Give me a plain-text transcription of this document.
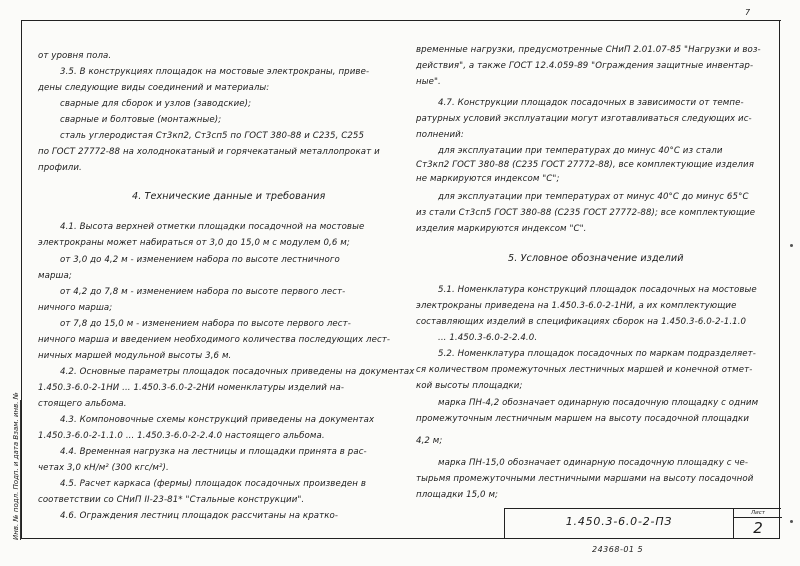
7
Инв. № подл. Подп. и дата Взам. инв. №
от уровня пола.
3.5. В конструкциях площадок на мостовые электрокраны, приве-
дены следующие виды соединений и материалы:
сварные для сборок и узлов (заводские);
сварные и болтовые (монтажные);
сталь углеродистая Ст3кп2, Ст3сп5 по ГОСТ 380-88 и С235, С255
по ГОСТ 27772-88 на холоднокатаный и горячекатаный металлопрокат и
профили.
4. Технические данные и требования
4.1. Высота верхней отметки площадки посадочной на мостовые
электрокраны может набираться от 3,0 до 15,0 м с модулем 0,6 м;
от 3,0 до 4,2 м - изменением набора по высоте лестничного
марша;
от 4,2 до 7,8 м - изменением набора по высоте первого лест-
ничного марша;
от 7,8 до 15,0 м - изменением набора по высоте первого лест-
ничного марша и введением необходимого количества последующих лест-
ничных маршей модульной высоты 3,6 м.
4.2. Основные параметры площадок посадочных приведены на документах
1.450.3-6.0-2-1НИ ... 1.450.3-6.0-2-2НИ номенклатуры изделий на-
стоящего альбома.
4.3. Компоновочные схемы конструкций приведены на документах
1.450.3-6.0-2-1.1.0 ... 1.450.3-6.0-2-2.4.0 настоящего альбома.
4.4. Временная нагрузка на лестницы и площадки принята в рас-
четах 3,0 кН/м² (300 кгс/м²).
4.5. Расчет каркаса (фермы) площадок посадочных произведен в
соответствии со СНиП II-23-81* "Стальные конструкции".
4.6. Ограждения лестниц площадок рассчитаны на кратко-
временные нагрузки, предусмотренные СНиП 2.01.07-85 "Нагрузки и воз-
действия", а также ГОСТ 12.4.059-89 "Ограждения защитные инвентар-
ные".
4.7. Конструкции площадок посадочных в зависимости от темпе-
ратурных условий эксплуатации могут изготавливаться следующих ис-
полнений:
для эксплуатации при температурах до минус 40°С из стали
Ст3кп2 ГОСТ 380-88 (С235 ГОСТ 27772-88), все комплектующие изделия
не маркируются индексом "С";
для эксплуатации при температурах от минус 40°С до минус 65°С
из стали Ст3сп5 ГОСТ 380-88 (С235 ГОСТ 27772-88); все комплектующие
изделия маркируются индексом "С".
5. Условное обозначение изделий
5.1. Номенклатура конструкций площадок посадочных на мостовые
электрокраны приведена на 1.450.3-6.0-2-1НИ, а их комплектующие
составляющих изделий в спецификациях сборок на 1.450.3-6.0-2-1.1.0
... 1.450.3-6.0-2-2.4.0.
5.2. Номенклатура площадок посадочных по маркам подразделяет-
ся количеством промежуточных лестничных маршей и конечной отмет-
кой высоты площадки;
марка ПН-4,2 обозначает одинарную посадочную площадку с одним
промежуточным лестничным маршем на высоту посадочной площадки
4,2 м;
марка ПН-15,0 обозначает одинарную посадочную площадку с че-
тырьмя промежуточными лестничными маршами на высоту посадочной
площадки 15,0 м;
1.450.3-6.0-2-ПЗ
Лист
2
24368-01 5
